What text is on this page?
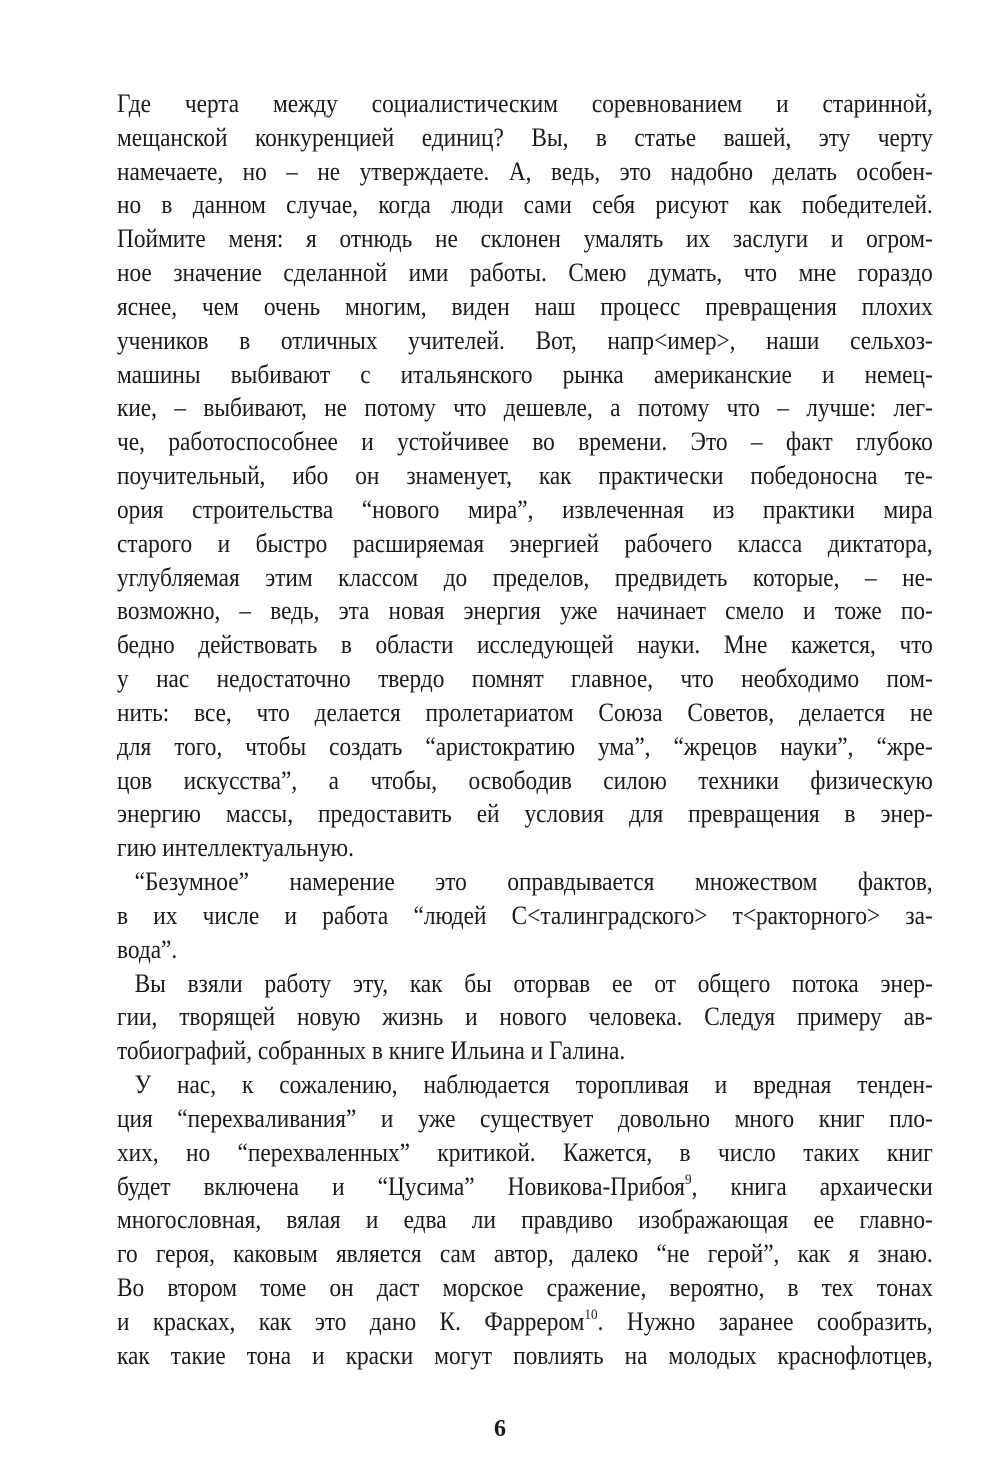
Где черта между социалистическим соревнованием и старинной,
мещанской конкуренцией единиц? Вы, в статье вашей, эту черту
намечаете, но – не утверждаете. А, ведь, это надобно делать особен-
но в данном случае, когда люди сами себя рисуют как победителей.
Поймите меня: я отнюдь не склонен умалять их заслуги и огром-
ное значение сделанной ими работы. Смею думать, что мне гораздо
яснее, чем очень многим, виден наш процесс превращения плохих
учеников в отличных учителей. Вот, напр<имер>, наши сельхоз-
машины выбивают с итальянского рынка американские и немец-
кие, – выбивают, не потому что дешевле, а потому что – лучше: лег-
че, работоспособнее и устойчивее во времени. Это – факт глубоко
поучительный, ибо он знаменует, как практически победоносна те-
ория строительства “нового мира”, извлеченная из практики мира
старого и быстро расширяемая энергией рабочего класса диктатора,
углубляемая этим классом до пределов, предвидеть которые, – не-
возможно, – ведь, эта новая энергия уже начинает смело и тоже по-
бедно действовать в области исследующей науки. Мне кажется, что
у нас недостаточно твердо помнят главное, что необходимо пом-
нить: все, что делается пролетариатом Союза Советов, делается не
для того, чтобы создать “аристократию ума”, “жрецов науки”, “жре-
цов искусства”, а чтобы, освободив силою техники физическую
энергию массы, предоставить ей условия для превращения в энер-
гию интеллектуальную.
“Безумное” намерение это оправдывается множеством фактов,
в их числе и работа “людей С<талинградского> т<ракторного> за-
вода”.
Вы взяли работу эту, как бы оторвав ее от общего потока энер-
гии, творящей новую жизнь и нового человека. Следуя примеру ав-
тобиографий, собранных в книге Ильина и Галина.
У нас, к сожалению, наблюдается торопливая и вредная тенден-
ция “перехваливания” и уже существует довольно много книг пло-
хих, но “перехваленных” критикой. Кажется, в число таких книг
будет включена и “Цусима” Новикова-Прибоя$^9$, книга архаически
многословная, вялая и едва ли правдиво изображающая ее главно-
го героя, каковым является сам автор, далеко “не герой”, как я знаю.
Во втором томе он даст морское сражение, вероятно, в тех тонах
и красках, как это дано К. Фаррером$^{10}$. Нужно заранее сообразить,
как такие тона и краски могут повлиять на молодых краснофлотцев,
6
